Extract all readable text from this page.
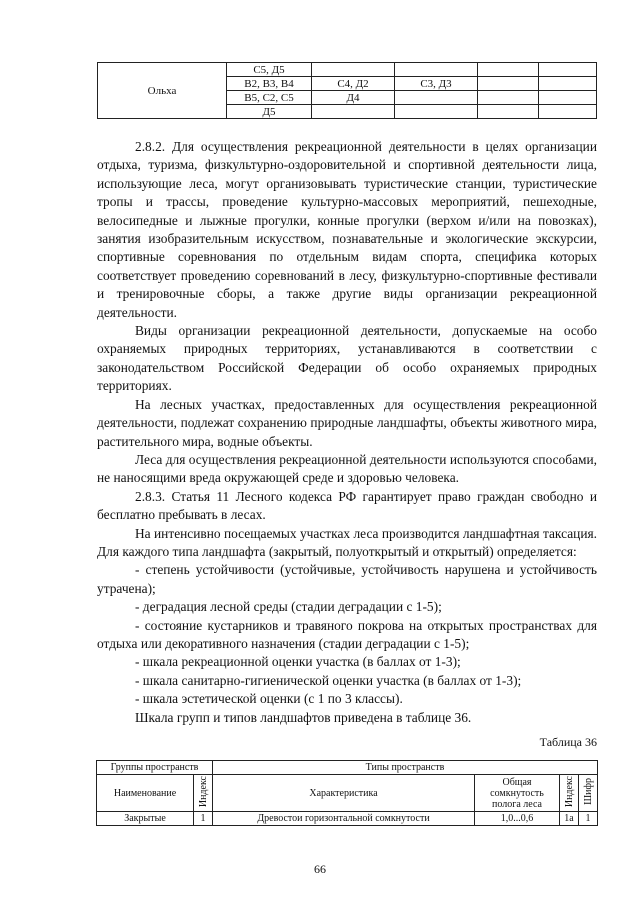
Ольха	С5, Д5				
	В2, В3, В4	С4, Д2	С3, Д3		
	В5, С2, С5	Д4			
	Д5				

2.8.2. Для осуществления рекреационной деятельности в целях организации отдыха, туризма, физкультурно-оздоровительной и спортивной деятельности лица, использующие леса, могут организовывать туристические станции, туристические тропы и трассы, проведение культурно-массовых мероприятий, пешеходные, велосипедные и лыжные прогулки, конные прогулки (верхом и/или на повозках), занятия изобразительным искусством, познавательные и экологические экскурсии, спортивные соревнования по отдельным видам спорта, специфика которых соответствует проведению соревнований в лесу, физкультурно-спортивные фестивали и тренировочные сборы, а также другие виды организации рекреационной деятельности.

Виды организации рекреационной деятельности, допускаемые на особо охраняемых природных территориях, устанавливаются в соответствии с законодательством Российской Федерации об особо охраняемых природных территориях.

На лесных участках, предоставленных для осуществления рекреационной деятельности, подлежат сохранению природные ландшафты, объекты животного мира, растительного мира, водные объекты.

Леса для осуществления рекреационной деятельности используются способами, не наносящими вреда окружающей среде и здоровью человека.

2.8.3. Статья 11 Лесного кодекса РФ гарантирует право граждан свободно и бесплатно пребывать в лесах.

На интенсивно посещаемых участках леса производится ландшафтная таксация. Для каждого типа ландшафта (закрытый, полуоткрытый и открытый) определяется:

- степень устойчивости (устойчивые, устойчивость нарушена и устойчивость утрачена);

- деградация лесной среды (стадии деградации с 1-5);

- состояние кустарников и травяного покрова на открытых пространствах для отдыха или декоративного назначения (стадии деградации с 1-5);

- шкала рекреационной оценки участка (в баллах от 1-3);

- шкала санитарно-гигиенической оценки участка (в баллах от 1-3);

- шкала эстетической оценки (с 1 по 3 классы).

Шкала групп и типов ландшафтов приведена в таблице 36.

Таблица 36
Группы пространств		Типы пространств			
Наименование	Индекс	Характеристика	Общая сомкнутость полога леса	Индекс	Шифр
Закрытые	1	Древостои горизонтальной сомкнутости	1,0...0,6	1а	1
66
